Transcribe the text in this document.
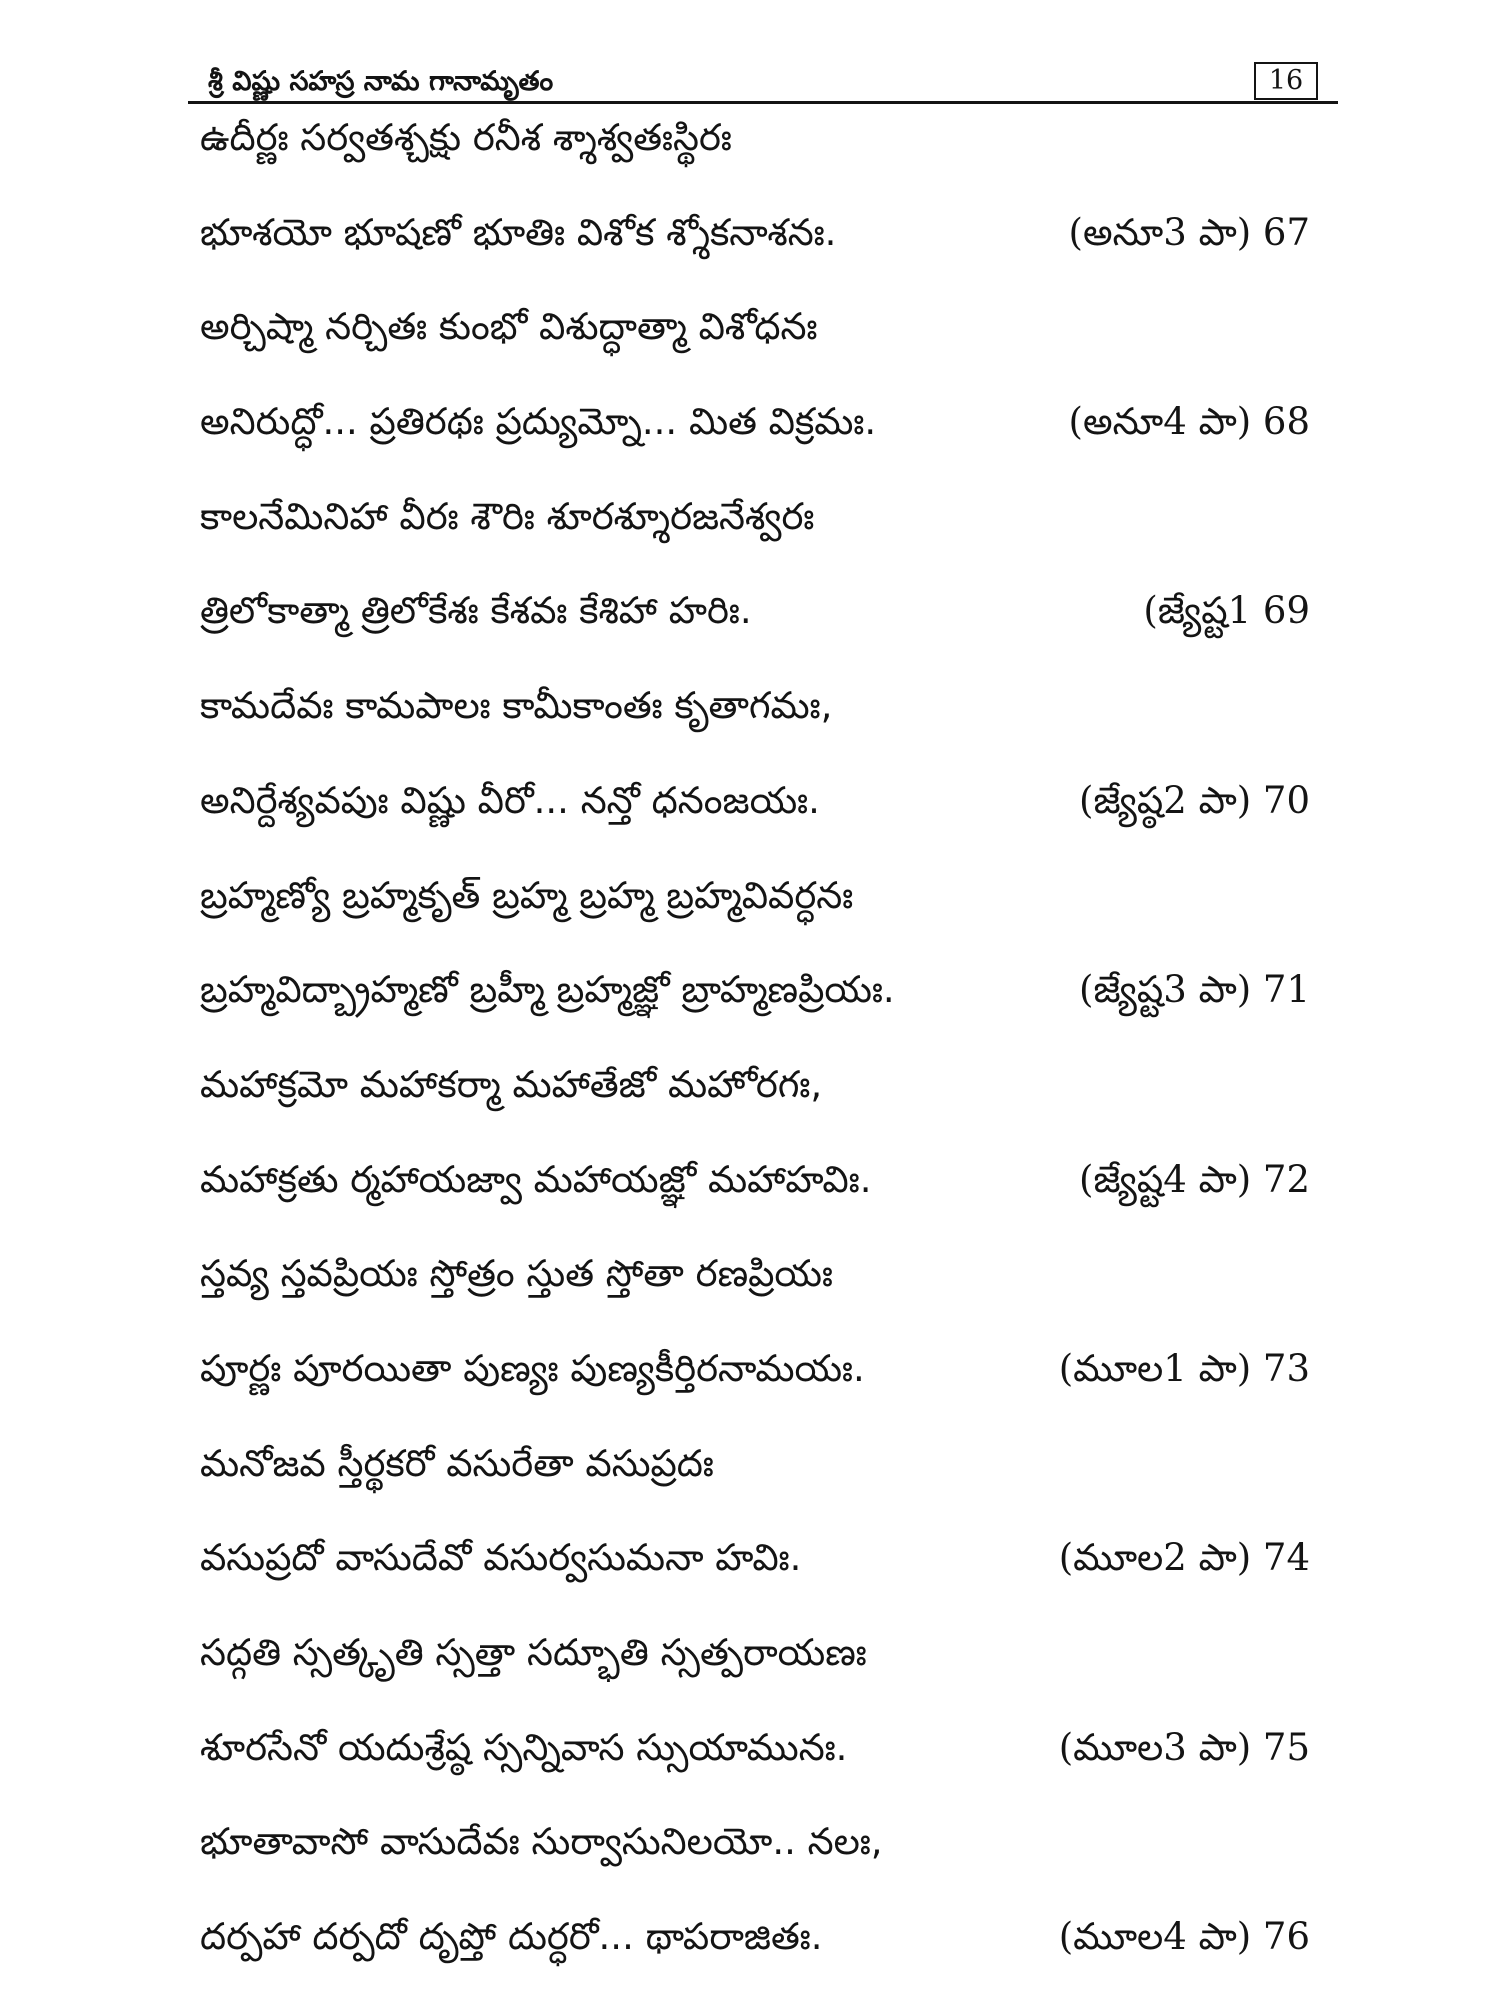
శ్రీ విష్ణు సహస్ర నామ గానామృతం	16
ఉదీర్ణః సర్వతశ్చక్షు రనీశ శ్శాశ్వతఃస్థిరః
భూశయో భూషణో భూతిః విశోక శ్శోకనాశనః.	(అనూ3 పా) 67
అర్చిష్మా నర్చితః కుంభో విశుద్ధాత్మా విశోధనః
అనిరుద్ధో... ప్రతిరథః ప్రద్యుమ్నో... మిత విక్రమః.	(అనూ4 పా) 68
కాలనేమినిహా వీరః శౌరిః శూరశ్శూరజనేశ్వరః
త్రిలోకాత్మా త్రిలోకేశః కేశవః కేశిహా హరిః.	(జ్యేష్ట1 69
కామదేవః కామపాలః కామీకాంతః కృతాగమః,
అనిర్దేశ్యవపుః విష్ణు వీరో... నన్తో ధనంజయః.	(జ్యేష్ఠ2 పా) 70
బ్రహ్మణ్యో బ్రహ్మకృత్ బ్రహ్మ బ్రహ్మ బ్రహ్మవివర్ధనః
బ్రహ్మవిద్బ్రాహ్మణో బ్రహ్మీ బ్రహ్మజ్ఞో బ్రాహ్మణప్రియః.	(జ్యేష్ట3 పా) 71
మహాక్రమో మహాకర్మా మహాతేజో మహోరగః,
మహాక్రతు ర్మహాయజ్వా మహాయజ్ఞో మహాహవిః.	(జ్యేష్ట4 పా) 72
స్తవ్య స్తవప్రియః స్తోత్రం స్తుత స్తోతా రణప్రియః
పూర్ణః పూరయితా పుణ్యః పుణ్యకీర్తిరనామయః.	(మూల1 పా) 73
మనోజవ స్తీర్థకరో వసురేతా వసుప్రదః
వసుప్రదో వాసుదేవో వసుర్వసుమనా హవిః.	(మూల2 పా) 74
సద్గతి స్సత్కృతి స్సత్తా సద్భూతి స్సత్పరాయణః
శూరసేనో యదుశ్రేష్ఠ స్సన్నివాస స్సుయామునః.	(మూల3 పా) 75
భూతావాసో వాసుదేవః సుర్వాసునిలయో.. నలః,
దర్పహా దర్పదో దృప్తో దుర్ధరో... థాపరాజితః.	(మూల4 పా) 76
